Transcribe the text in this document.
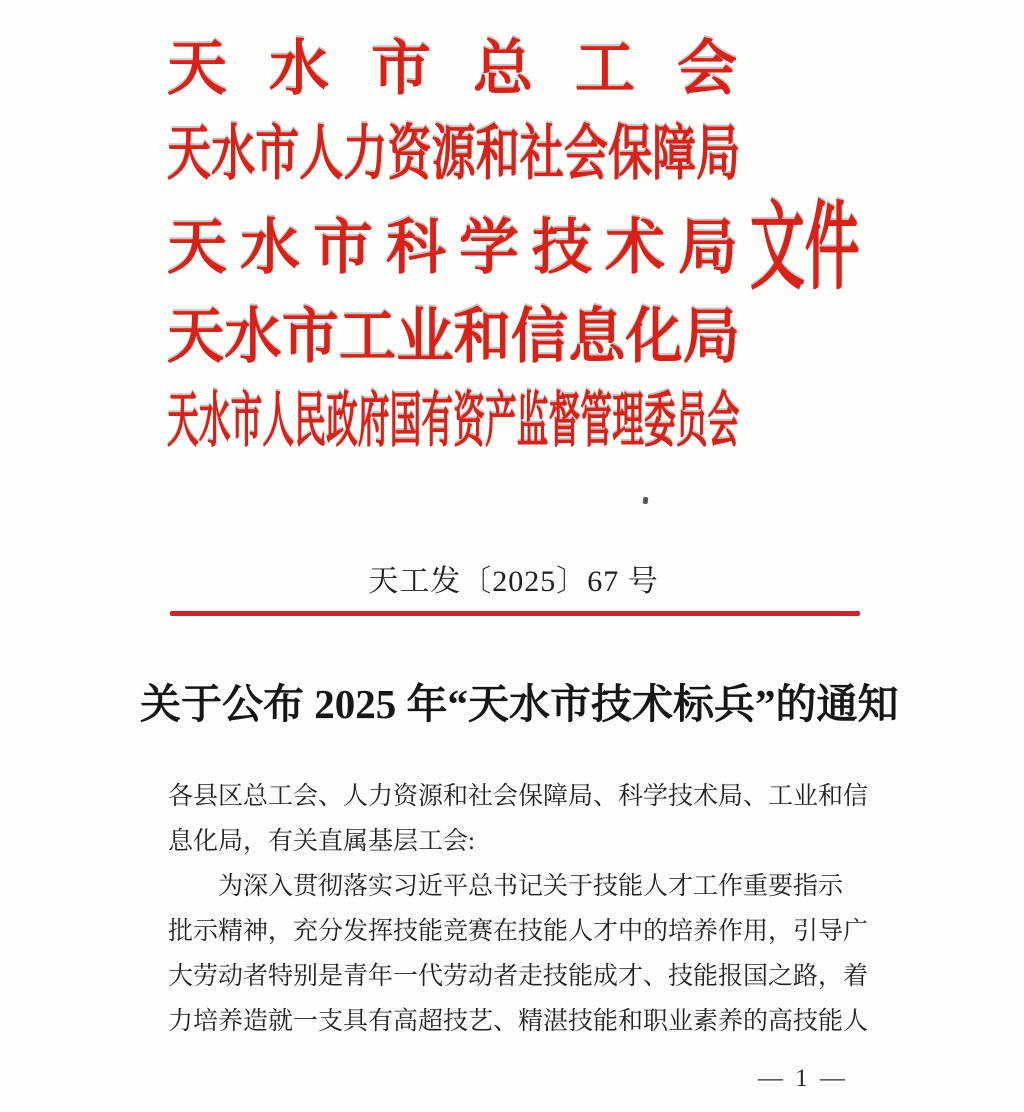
天水市总工会
天水市人力资源和社会保障局
天水市科学技术局 文件
天水市工业和信息化局
天水市人民政府国有资产监督管理委员会
天工发〔2025〕67 号
关于公布 2025 年“天水市技术标兵”的通知
各县区总工会、人力资源和社会保障局、科学技术局、工业和信
息化局，有关直属基层工会:
为深入贯彻落实习近平总书记关于技能人才工作重要指示
批示精神，充分发挥技能竞赛在技能人才中的培养作用，引导广
大劳动者特别是青年一代劳动者走技能成才、技能报国之路，着
力培养造就一支具有高超技艺、精湛技能和职业素养的高技能人
— 1 —
